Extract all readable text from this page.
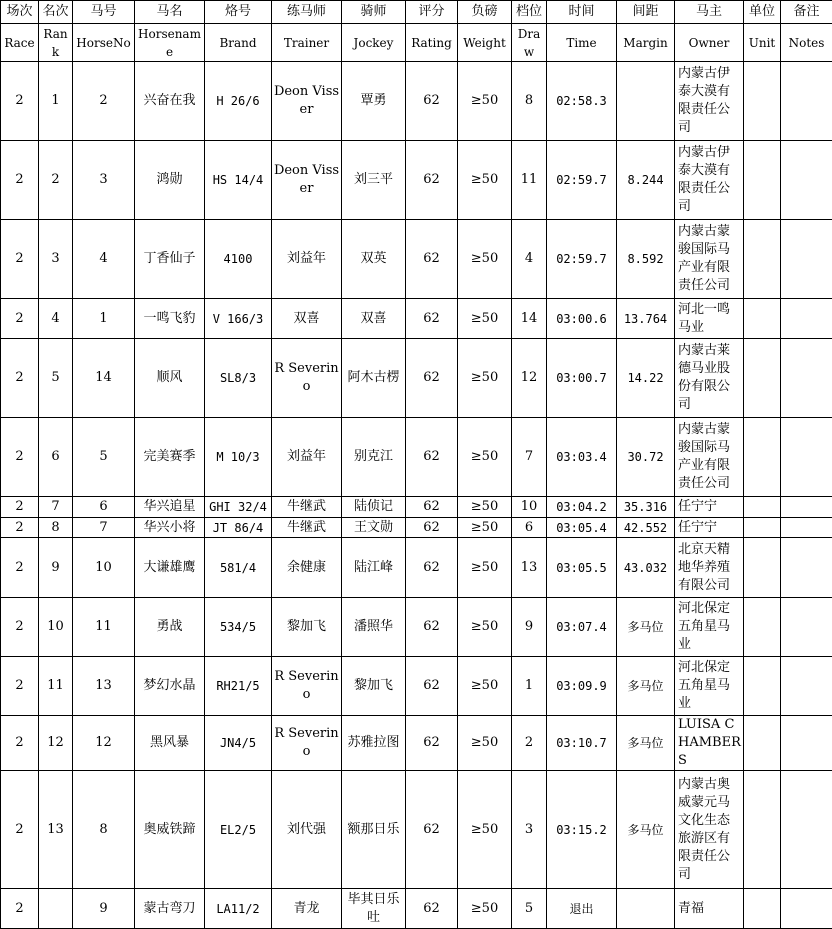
场次	名次	马号	马名	烙号	练马师	骑师	评分	负磅	档位	时间	间距	马主	单位	备注
Race	Rank	HorseNo	Horsename	Brand	Trainer	Jockey	Rating	Weight	Draw	Time	Margin	Owner	Unit	Notes
2	1	2	兴奋在我	H 26/6	Deon Visser	覃勇	62	≥50	8	02:58.3		内蒙古伊泰大漠有限责任公司		
2	2	3	鸿勋	HS 14/4	Deon Visser	刘三平	62	≥50	11	02:59.7	8.244	内蒙古伊泰大漠有限责任公司		
2	3	4	丁香仙子	4100	刘益年	双英	62	≥50	4	02:59.7	8.592	内蒙古蒙骏国际马产业有限责任公司		
2	4	1	一鸣飞豹	V 166/3	双喜	双喜	62	≥50	14	03:00.6	13.764	河北一鸣马业		
2	5	14	顺风	SL8/3	R Severino	阿木古楞	62	≥50	12	03:00.7	14.22	内蒙古莱德马业股份有限公司		
2	6	5	完美赛季	M 10/3	刘益年	别克江	62	≥50	7	03:03.4	30.72	内蒙古蒙骏国际马产业有限责任公司		
2	7	6	华兴追星	GHI 32/4	牛继武	陆侦记	62	≥50	10	03:04.2	35.316	任宁宁		
2	8	7	华兴小将	JT 86/4	牛继武	王文勋	62	≥50	6	03:05.4	42.552	任宁宁		
2	9	10	大谦雄鹰	581/4	余健康	陆江峰	62	≥50	13	03:05.5	43.032	北京天精地华养殖有限公司		
2	10	11	勇战	534/5	黎加飞	潘照华	62	≥50	9	03:07.4	多马位	河北保定五角星马业		
2	11	13	梦幻水晶	RH21/5	R Severino	黎加飞	62	≥50	1	03:09.9	多马位	河北保定五角星马业		
2	12	12	黑风暴	JN4/5	R Severino	苏雅拉图	62	≥50	2	03:10.7	多马位	LUISA CHAMBERS		
2	13	8	奥威铁蹄	EL2/5	刘代强	额那日乐	62	≥50	3	03:15.2	多马位	内蒙古奥威蒙元马文化生态旅游区有限责任公司		
2		9	蒙古弯刀	LA11/2	青龙	毕其日乐吐	62	≥50	5	退出		青福		
